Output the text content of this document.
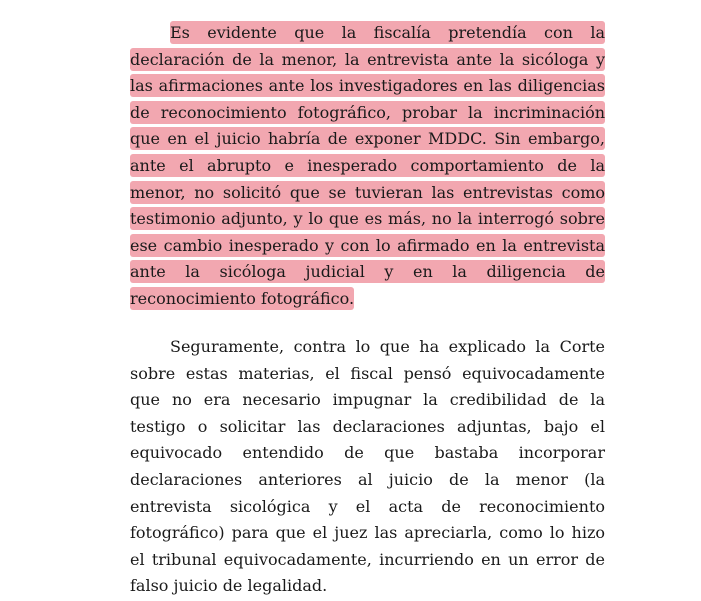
Es evidente que la fiscalía pretendía con la declaración de la menor, la entrevista ante la sicóloga y las afirmaciones ante los investigadores en las diligencias de reconocimiento fotográfico, probar la incriminación que en el juicio habría de exponer MDDC. Sin embargo, ante el abrupto e inesperado comportamiento de la menor, no solicitó que se tuvieran las entrevistas como testimonio adjunto, y lo que es más, no la interrogó sobre ese cambio inesperado y con lo afirmado en la entrevista ante la sicóloga judicial y en la diligencia de reconocimiento fotográfico.

Seguramente, contra lo que ha explicado la Corte sobre estas materias, el fiscal pensó equivocadamente que no era necesario impugnar la credibilidad de la testigo o solicitar las declaraciones adjuntas, bajo el equivocado entendido de que bastaba incorporar declaraciones anteriores al juicio de la menor (la entrevista sicológica y el acta de reconocimiento fotográfico) para que el juez las apreciarla, como lo hizo el tribunal equivocadamente, incurriendo en un error de falso juicio de legalidad.
